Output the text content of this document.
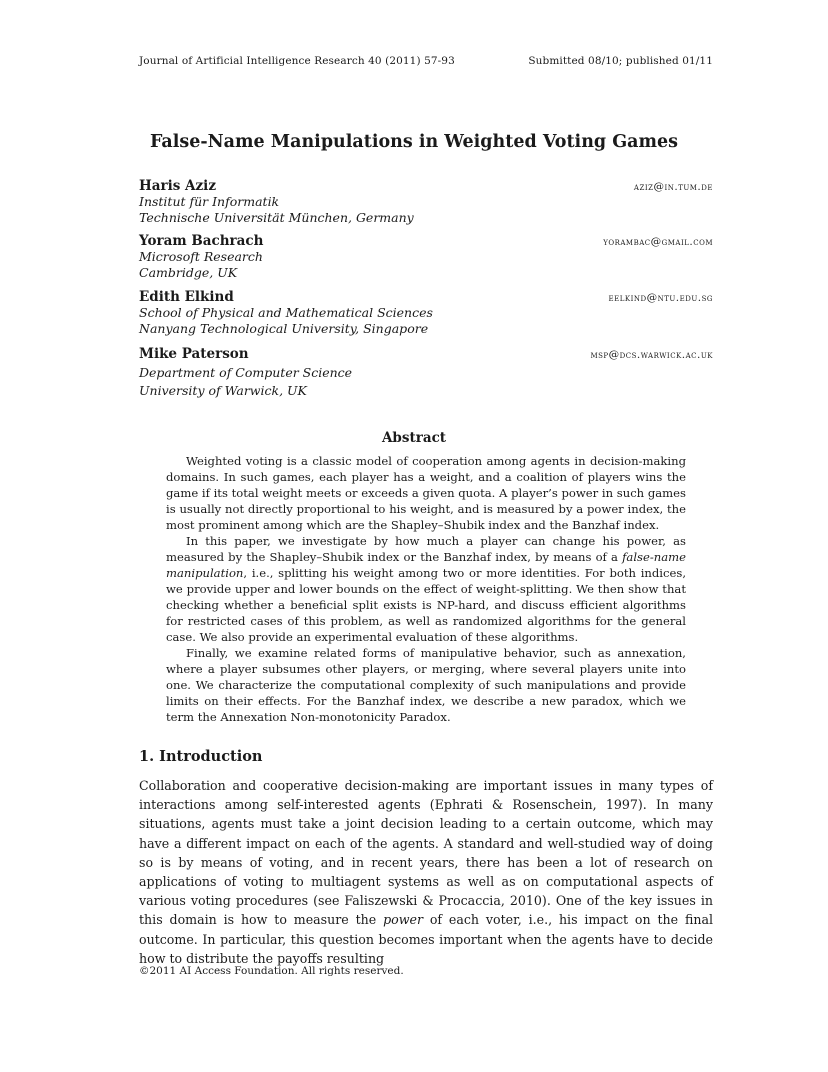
Journal of Artificial Intelligence Research 40 (2011) 57-93	Submitted 08/10; published 01/11
False-Name Manipulations in Weighted Voting Games
Haris Aziz	aziz@in.tum.de
Institut für Informatik
Technische Universität München, Germany
Yoram Bachrach	yorambac@gmail.com
Microsoft Research
Cambridge, UK
Edith Elkind	eelkind@ntu.edu.sg
School of Physical and Mathematical Sciences
Nanyang Technological University, Singapore
Mike Paterson	msp@dcs.warwick.ac.uk
Department of Computer Science
University of Warwick, UK
Abstract

Weighted voting is a classic model of cooperation among agents in decision-making domains. In such games, each player has a weight, and a coalition of players wins the game if its total weight meets or exceeds a given quota. A player’s power in such games is usually not directly proportional to his weight, and is measured by a power index, the most prominent among which are the Shapley–Shubik index and the Banzhaf index.

In this paper, we investigate by how much a player can change his power, as measured by the Shapley–Shubik index or the Banzhaf index, by means of a false-name manipulation, i.e., splitting his weight among two or more identities. For both indices, we provide upper and lower bounds on the effect of weight-splitting. We then show that checking whether a beneficial split exists is NP-hard, and discuss efficient algorithms for restricted cases of this problem, as well as randomized algorithms for the general case. We also provide an experimental evaluation of these algorithms.

Finally, we examine related forms of manipulative behavior, such as annexation, where a player subsumes other players, or merging, where several players unite into one. We characterize the computational complexity of such manipulations and provide limits on their effects. For the Banzhaf index, we describe a new paradox, which we term the Annexation Non-monotonicity Paradox.

1. Introduction

Collaboration and cooperative decision-making are important issues in many types of interactions among self-interested agents (Ephrati & Rosenschein, 1997). In many situations, agents must take a joint decision leading to a certain outcome, which may have a different impact on each of the agents. A standard and well-studied way of doing so is by means of voting, and in recent years, there has been a lot of research on applications of voting to multiagent systems as well as on computational aspects of various voting procedures (see Faliszewski & Procaccia, 2010). One of the key issues in this domain is how to measure the power of each voter, i.e., his impact on the final outcome. In particular, this question becomes important when the agents have to decide how to distribute the payoffs resulting

©2011 AI Access Foundation. All rights reserved.
